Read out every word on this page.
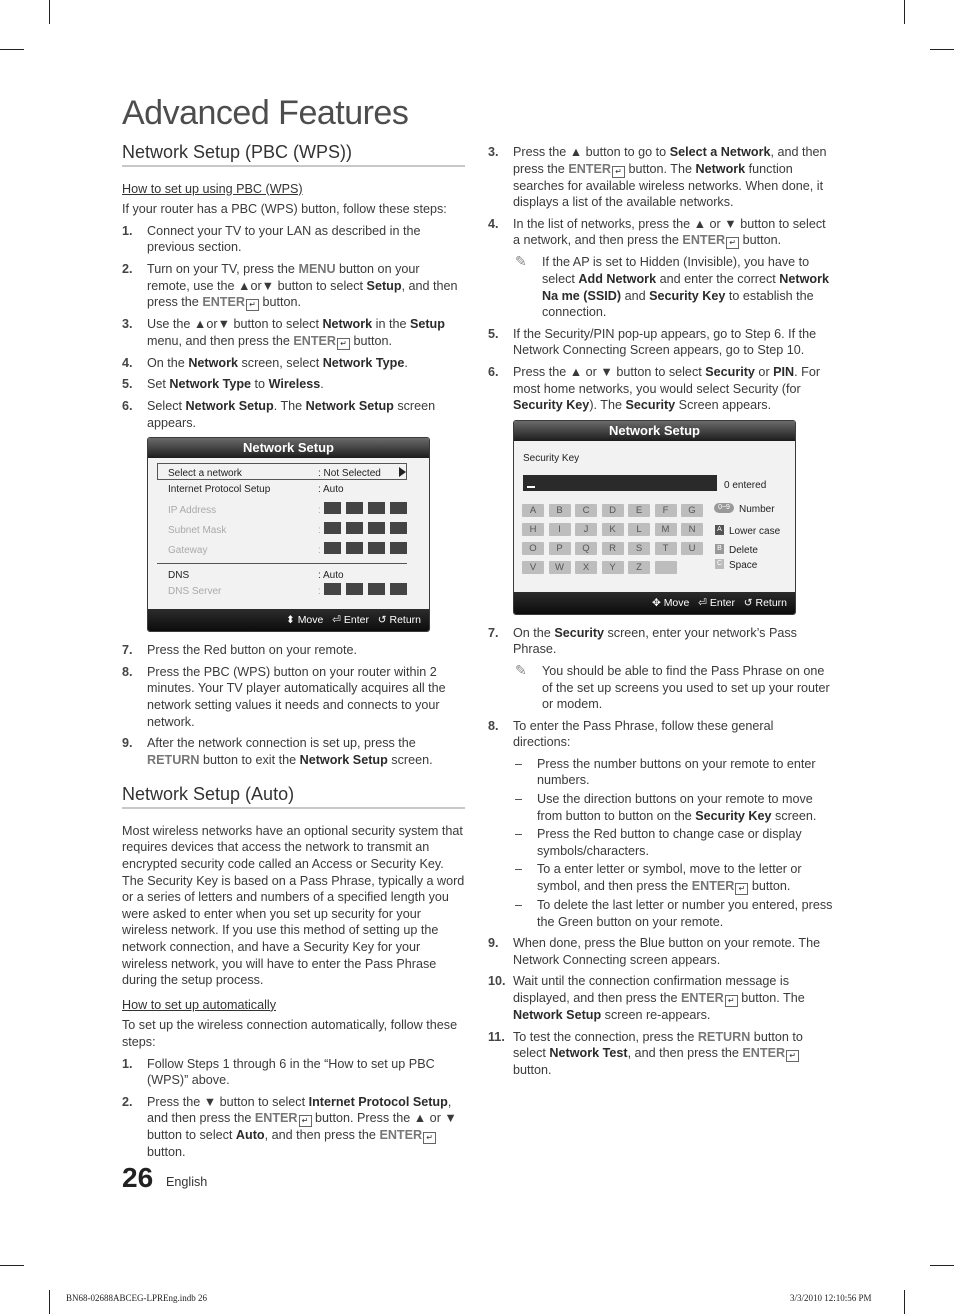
Advanced Features
Network Setup (PBC (WPS))
How to set up using PBC (WPS)
If your router has a PBC (WPS) button, follow these steps:
1. Connect your TV to your LAN as described in the previous section.
2. Turn on your TV, press the MENU button on your remote, use the ▲or▼ button to select Setup, and then press the ENTER ↵ button.
3. Use the ▲or▼ button to select Network in the Setup menu, and then press the ENTER ↵ button.
4. On the Network screen, select Network Type.
5. Set Network Type to Wireless.
6. Select Network Setup. The Network Setup screen appears.
Network Setup
Select a network	: Not Selected
Internet Protocol Setup	: Auto
IP Address	:
Subnet Mask	:
Gateway	:
DNS	: Auto
DNS Server	:
⬍ Move ⏎ Enter ↺ Return
7. Press the Red button on your remote.
8. Press the PBC (WPS) button on your router within 2 minutes. Your TV player automatically acquires all the network setting values it needs and connects to your network.
9. After the network connection is set up, press the RETURN button to exit the Network Setup screen.
Network Setup (Auto)
Most wireless networks have an optional security system that requires devices that access the network to transmit an encrypted security code called an Access or Security Key. The Security Key is based on a Pass Phrase, typically a word or a series of letters and numbers of a specified length you were asked to enter when you set up security for your wireless network. If you use this method of setting up the network connection, and have a Security Key for your wireless network, you will have to enter the Pass Phrase during the setup process.
How to set up automatically
To set up the wireless connection automatically, follow these steps:
1. Follow Steps 1 through 6 in the “How to set up PBC (WPS)” above.
2. Press the ▼ button to select Internet Protocol Setup, and then press the ENTER ↵ button. Press the ▲ or ▼ button to select Auto, and then press the ENTER ↵ button.
3. Press the ▲ button to go to Select a Network, and then press the ENTER ↵ button. The Network function searches for available wireless networks. When done, it displays a list of the available networks.
4. In the list of networks, press the ▲ or ▼ button to select a network, and then press the ENTER ↵ button.
✎ If the AP is set to Hidden (Invisible), you have to select Add Network and enter the correct Network Na me (SSID) and Security Key to establish the connection.
5. If the Security/PIN pop-up appears, go to Step 6. If the Network Connecting Screen appears, go to Step 10.
6. Press the ▲ or ▼ button to select Security or PIN. For most home networks, you would select Security (for Security Key). The Security Screen appears.
Network Setup
Security Key
0 entered
A	B	C	D	E	F	G
H	I	J	K	L	M	N
O	P	Q	R	S	T	U
V	W	X	Y	Z
0~9 Number
A Lower case
B Delete
C Space
✥ Move ⏎ Enter ↺ Return
7. On the Security screen, enter your network’s Pass Phrase.
✎ You should be able to find the Pass Phrase on one of the set up screens you used to set up your router or modem.
8. To enter the Pass Phrase, follow these general directions:
– Press the number buttons on your remote to enter numbers.
– Use the direction buttons on your remote to move from button to button on the Security Key screen.
– Press the Red button to change case or display symbols/characters.
– To a enter letter or symbol, move to the letter or symbol, and then press the ENTER ↵ button.
– To delete the last letter or number you entered, press the Green button on your remote.
9. When done, press the Blue button on your remote. The Network Connecting screen appears.
10. Wait until the connection confirmation message is displayed, and then press the ENTER ↵ button. The Network Setup screen re-appears.
11. To test the connection, press the RETURN button to select Network Test, and then press the ENTER ↵ button.
26 English
BN68-02688ABCEG-LPREng.indb 26	3/3/2010 12:10:56 PM
